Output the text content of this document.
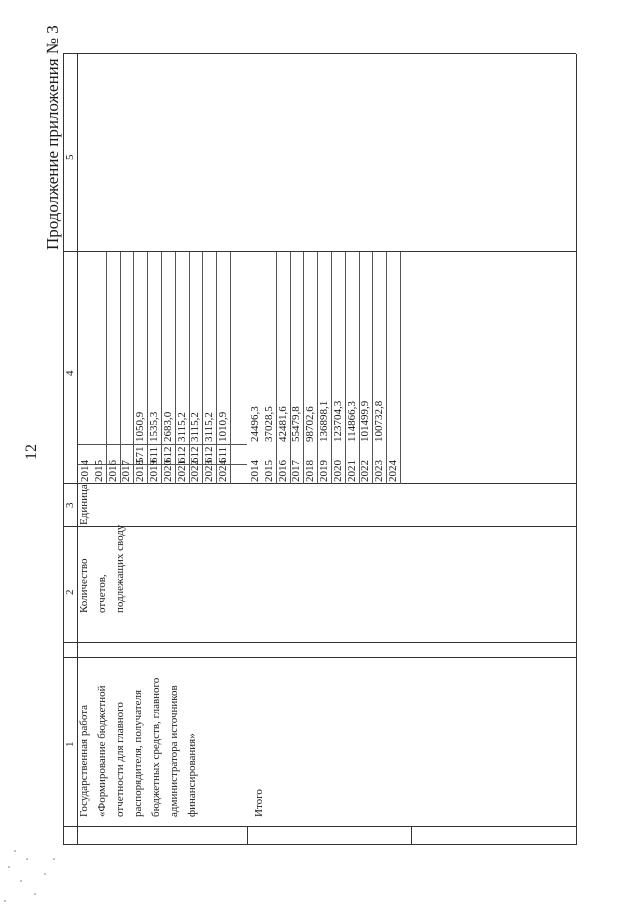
12
Продолжение приложения № 3
1
2
3
4
5
Государственная работа «Формирование бюджетной отчетности для главного распорядителя, получателя бюджетных средств, главного администратора источников финансирования»
Количество отчетов, подлежащих своду
Единица
Итого
2014 2015 2016 2017 2018
571
1050,9
2019
611
1535,3
2020
612
2683,0
2021
612
3115,2
2022
612
3115,2
2023
612
3115,2
2024
611
1010,9
2014
24496,3
2015
37028,5
2016
42481,6
2017
55479,8
2018
98702,6
2019
136898,1
2020
123704,3
2021
114866,3
2022
101499,9
2023
100732,8
2024
